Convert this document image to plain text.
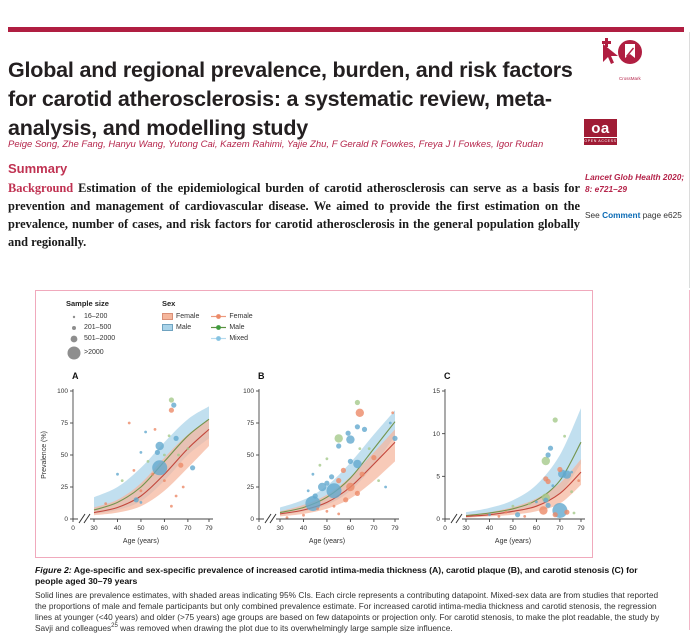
Global and regional prevalence, burden, and risk factors for carotid atherosclerosis: a systematic review, meta-analysis, and modelling study
CrossMark

Peige Song, Zhe Fang, Hanyu Wang, Yutong Cai, Kazem Rahimi, Yajie Zhu, F Gerald R Fowkes, Freya J I Fowkes, Igor Rudan

oa
OPEN ACCESS
Summary

Background Estimation of the epidemiological burden of carotid atherosclerosis can serve as a basis for prevention and management of cardiovascular disease. We aimed to provide the first estimation on the prevalence, number of cases, and risk factors for carotid atherosclerosis in the general population globally and regionally.

Lancet Glob Health 2020; 8: e721–29
See Comment page e625
Sample size
16–200
201–500
501–2000
>2000
Sex
Female
Male
Female
Male
Mixed
A
0
25
50
75
100
0 30 40 50 60 70 79
Age (years)
Prevalence (%)
B
0
25
50
75
100
0 30 40 50 60 70 79
Age (years)
C
0
5
10
15
0 30 40 50 60 70 79
Age (years)
Figure 2: Age-specific and sex-specific prevalence of increased carotid intima-media thickness (A), carotid plaque (B), and carotid stenosis (C) for people aged 30–79 years
Solid lines are prevalence estimates, with shaded areas indicating 95% CIs. Each circle represents a contributing datapoint. Mixed-sex data are from studies that reported the proportions of male and female participants but only combined prevalence estimate. For increased carotid intima-media thickness and carotid stenosis, the regression lines at younger (<40 years) and older (>75 years) age groups are based on few datapoints or projection only. For carotid stenosis, to make the plot readable, the study by Savji and colleagues$^{25}$ was removed when drawing the plot due to its overwhelmingly large sample size influence.
